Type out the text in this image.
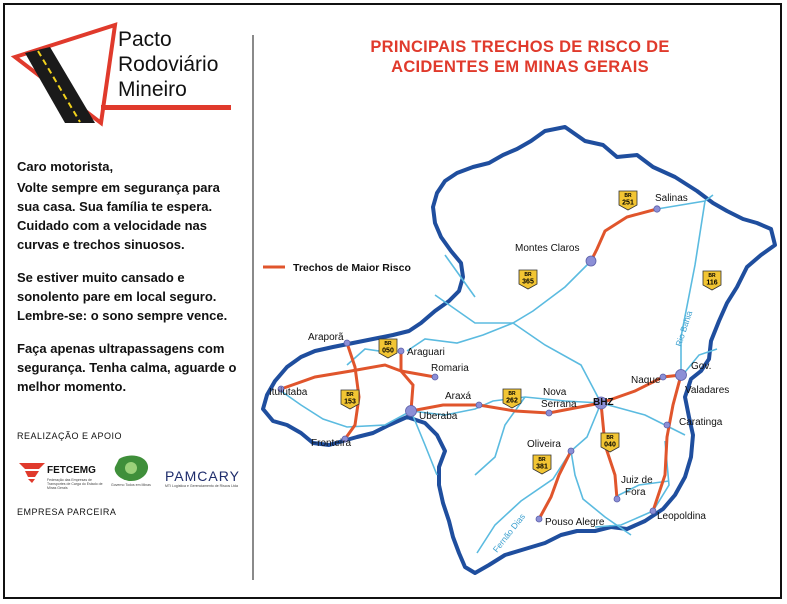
Pacto
Rodoviário
Mineiro

Caro motorista,

Volte sempre em segurança para sua casa. Sua família te espera. Cuidado com a velocidade nas curvas e trechos sinuosos.

Se estiver muito cansado e sonolento pare em local seguro. Lembre-se: o sono sempre vence.

Faça apenas ultrapassagens com segurança. Tenha calma, aguarde o melhor momento.

REALIZAÇÃO E APOIO
FETCEMG
Federação das Empresas de Transportes de Carga do Estado de Minas Gerais
Governo Todos em Minas
PAMCARY
MTI Logística e Gerenciamento de Riscos Ltda
EMPRESA PARCEIRA
PRINCIPAIS TRECHOS DE RISCO DE
ACIDENTES EM MINAS GERAIS
Trechos de Maior Risco
Salinas
Montes Claros
Araporã
Araguari
Romaria
Ituiutaba
Uberaba
Fronteira
Araxá	Nova
Serrana BHZ
Naque
Gov.
Valadares
Caratinga
Oliveira
Juiz de
Fora
Leopoldina
Pouso Alegre
Rio Bahia
Fernão Dias
BR
251
BR
365
BR
116
BR
050
BR
153
BR
262
BR
040
BR
381
